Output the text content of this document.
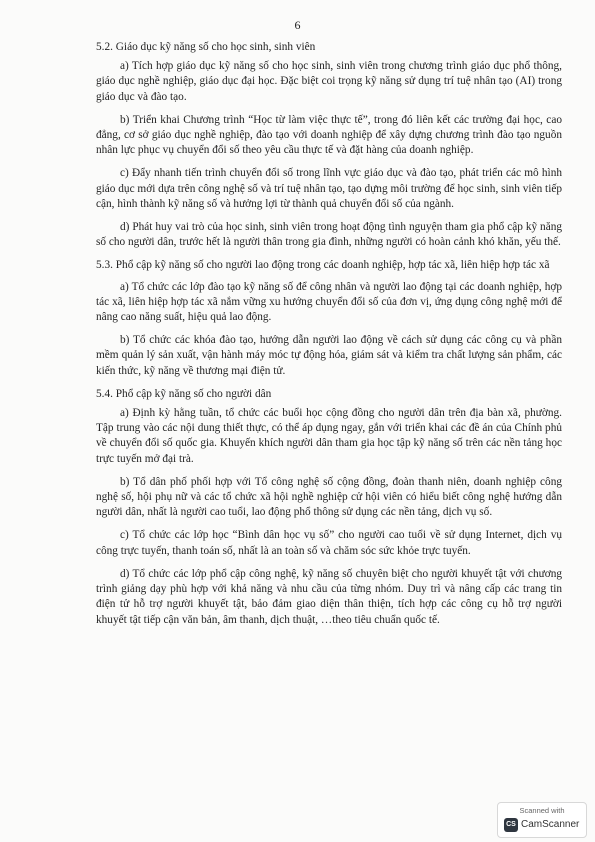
6

5.2. Giáo dục kỹ năng số cho học sinh, sinh viên

a) Tích hợp giáo dục kỹ năng số cho học sinh, sinh viên trong chương trình giáo dục phổ thông, giáo dục nghề nghiệp, giáo dục đại học. Đặc biệt coi trọng kỹ năng sử dụng trí tuệ nhân tạo (AI) trong giáo dục và đào tạo.

b) Triển khai Chương trình “Học từ làm việc thực tế”, trong đó liên kết các trường đại học, cao đẳng, cơ sở giáo dục nghề nghiệp, đào tạo với doanh nghiệp để xây dựng chương trình đào tạo nguồn nhân lực phục vụ chuyển đổi số theo yêu cầu thực tế và đặt hàng của doanh nghiệp.

c) Đẩy nhanh tiến trình chuyển đổi số trong lĩnh vực giáo dục và đào tạo, phát triển các mô hình giáo dục mới dựa trên công nghệ số và trí tuệ nhân tạo, tạo dựng môi trường để học sinh, sinh viên tiếp cận, hình thành kỹ năng số và hưởng lợi từ thành quả chuyển đổi số của ngành.

d) Phát huy vai trò của học sinh, sinh viên trong hoạt động tình nguyện tham gia phổ cập kỹ năng số cho người dân, trước hết là người thân trong gia đình, những người có hoàn cảnh khó khăn, yếu thế.

5.3. Phổ cập kỹ năng số cho người lao động trong các doanh nghiệp, hợp tác xã, liên hiệp hợp tác xã

a) Tổ chức các lớp đào tạo kỹ năng số để công nhân và người lao động tại các doanh nghiệp, hợp tác xã, liên hiệp hợp tác xã nắm vững xu hướng chuyển đổi số của đơn vị, ứng dụng công nghệ mới để nâng cao năng suất, hiệu quả lao động.

b) Tổ chức các khóa đào tạo, hướng dẫn người lao động về cách sử dụng các công cụ và phần mềm quản lý sản xuất, vận hành máy móc tự động hóa, giám sát và kiểm tra chất lượng sản phẩm, các kiến thức, kỹ năng về thương mại điện tử.

5.4. Phổ cập kỹ năng số cho người dân

a) Định kỳ hằng tuần, tổ chức các buổi học cộng đồng cho người dân trên địa bàn xã, phường. Tập trung vào các nội dung thiết thực, có thể áp dụng ngay, gắn với triển khai các đề án của Chính phủ về chuyển đổi số quốc gia. Khuyến khích người dân tham gia học tập kỹ năng số trên các nền tảng học trực tuyến mở đại trà.

b) Tổ dân phố phối hợp với Tổ công nghệ số cộng đồng, đoàn thanh niên, doanh nghiệp công nghệ số, hội phụ nữ và các tổ chức xã hội nghề nghiệp cử hội viên có hiểu biết công nghệ hướng dẫn người dân, nhất là người cao tuổi, lao động phổ thông sử dụng các nền tảng, dịch vụ số.

c) Tổ chức các lớp học “Bình dân học vụ số” cho người cao tuổi về sử dụng Internet, dịch vụ công trực tuyến, thanh toán số, nhất là an toàn số và chăm sóc sức khỏe trực tuyến.

d) Tổ chức các lớp phổ cập công nghệ, kỹ năng số chuyên biệt cho người khuyết tật với chương trình giảng dạy phù hợp với khả năng và nhu cầu của từng nhóm. Duy trì và nâng cấp các trang tin điện tử hỗ trợ người khuyết tật, bảo đảm giao diện thân thiện, tích hợp các công cụ hỗ trợ người khuyết tật tiếp cận văn bản, âm thanh, dịch thuật, …theo tiêu chuẩn quốc tế.

Scanned with
CS CamScanner
